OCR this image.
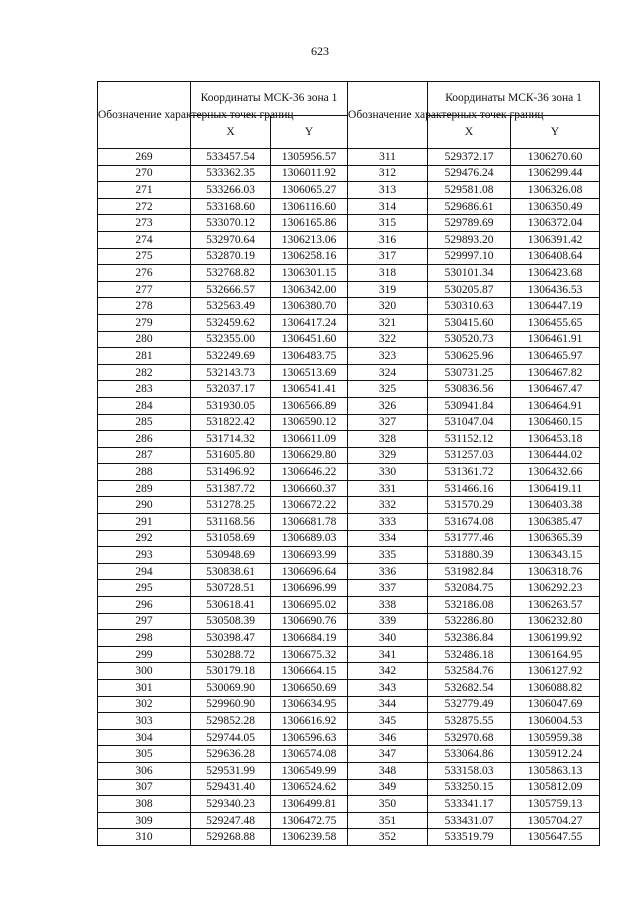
623
Обозначение характерных точек границ	Координаты МСК-36 зона 1		Обозначение характерных точек границ	Координаты МСК-36 зона 1	
	X	Y		X	Y
269	533457.54	1305956.57	311	529372.17	1306270.60
270	533362.35	1306011.92	312	529476.24	1306299.44
271	533266.03	1306065.27	313	529581.08	1306326.08
272	533168.60	1306116.60	314	529686.61	1306350.49
273	533070.12	1306165.86	315	529789.69	1306372.04
274	532970.64	1306213.06	316	529893.20	1306391.42
275	532870.19	1306258.16	317	529997.10	1306408.64
276	532768.82	1306301.15	318	530101.34	1306423.68
277	532666.57	1306342.00	319	530205.87	1306436.53
278	532563.49	1306380.70	320	530310.63	1306447.19
279	532459.62	1306417.24	321	530415.60	1306455.65
280	532355.00	1306451.60	322	530520.73	1306461.91
281	532249.69	1306483.75	323	530625.96	1306465.97
282	532143.73	1306513.69	324	530731.25	1306467.82
283	532037.17	1306541.41	325	530836.56	1306467.47
284	531930.05	1306566.89	326	530941.84	1306464.91
285	531822.42	1306590.12	327	531047.04	1306460.15
286	531714.32	1306611.09	328	531152.12	1306453.18
287	531605.80	1306629.80	329	531257.03	1306444.02
288	531496.92	1306646.22	330	531361.72	1306432.66
289	531387.72	1306660.37	331	531466.16	1306419.11
290	531278.25	1306672.22	332	531570.29	1306403.38
291	531168.56	1306681.78	333	531674.08	1306385.47
292	531058.69	1306689.03	334	531777.46	1306365.39
293	530948.69	1306693.99	335	531880.39	1306343.15
294	530838.61	1306696.64	336	531982.84	1306318.76
295	530728.51	1306696.99	337	532084.75	1306292.23
296	530618.41	1306695.02	338	532186.08	1306263.57
297	530508.39	1306690.76	339	532286.80	1306232.80
298	530398.47	1306684.19	340	532386.84	1306199.92
299	530288.72	1306675.32	341	532486.18	1306164.95
300	530179.18	1306664.15	342	532584.76	1306127.92
301	530069.90	1306650.69	343	532682.54	1306088.82
302	529960.90	1306634.95	344	532779.49	1306047.69
303	529852.28	1306616.92	345	532875.55	1306004.53
304	529744.05	1306596.63	346	532970.68	1305959.38
305	529636.28	1306574.08	347	533064.86	1305912.24
306	529531.99	1306549.99	348	533158.03	1305863.13
307	529431.40	1306524.62	349	533250.15	1305812.09
308	529340.23	1306499.81	350	533341.17	1305759.13
309	529247.48	1306472.75	351	533431.07	1305704.27
310	529268.88	1306239.58	352	533519.79	1305647.55
